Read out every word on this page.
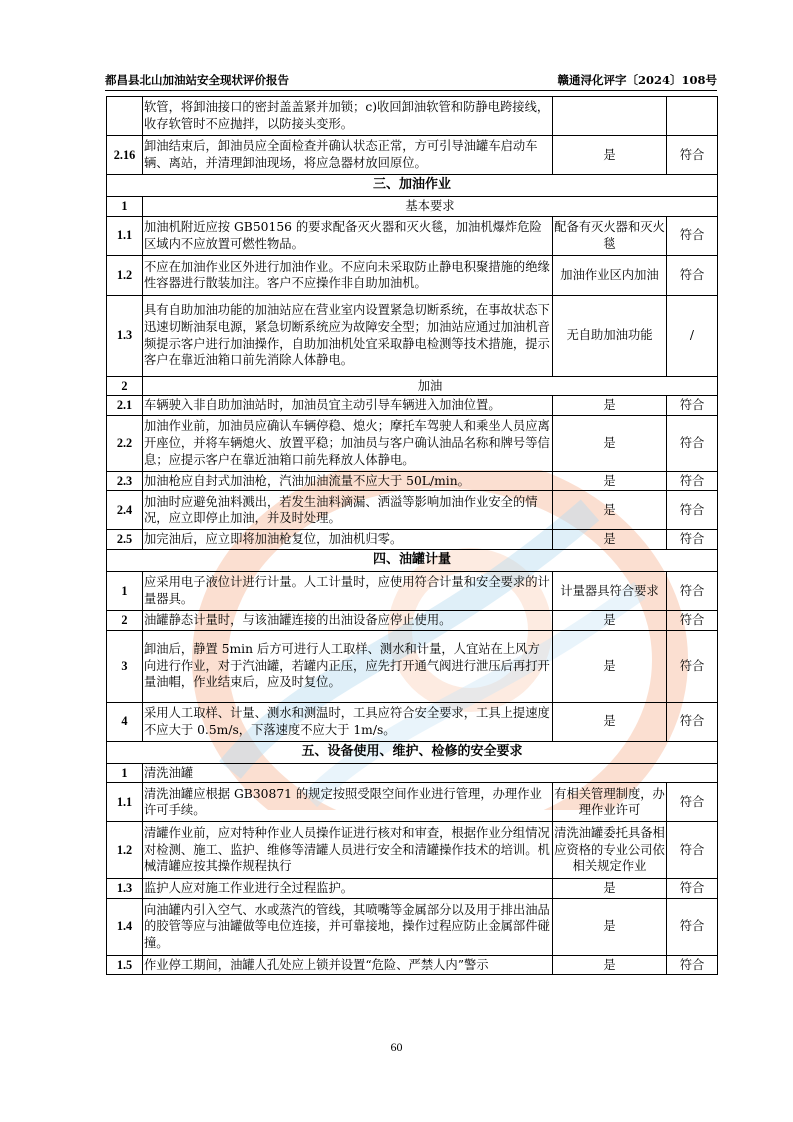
都昌县北山加油站安全现状评价报告	赣通浔化评字〔2024〕108号
	软管，将卸油接口的密封盖盖紧并加锁；c)收回卸油软管和防静电跨接线，收存软管时不应抛拌，以防接头变形。		
2.16	卸油结束后，卸油员应全面检查并确认状态正常，方可引导油罐车启动车辆、离站，并清理卸油现场，将应急器材放回原位。	是	符合
三、加油作业			
1	基本要求		
1.1	加油机附近应按 GB50156 的要求配备灭火器和灭火毯，加油机爆炸危险区域内不应放置可燃性物品。	配备有灭火器和灭火毯	符合
1.2	不应在加油作业区外进行加油作业。不应向未采取防止静电积聚措施的绝缘性容器进行散装加注。客户不应操作非自助加油机。	加油作业区内加油	符合
1.3	具有自助加油功能的加油站应在营业室内设置紧急切断系统，在事故状态下迅速切断油泵电源，紧急切断系统应为故障安全型；加油站应通过加油机音频提示客户进行加油操作，自助加油机处宜采取静电检测等技术措施，提示客户在靠近油箱口前先消除人体静电。	无自助加油功能	/
2	加油		
2.1	车辆驶入非自助加油站时，加油员宜主动引导车辆进入加油位置。	是	符合
2.2	加油作业前，加油员应确认车辆停稳、熄火；摩托车驾驶人和乘坐人员应离开座位，并将车辆熄火、放置平稳；加油员与客户确认油品名称和牌号等信息；应提示客户在靠近油箱口前先释放人体静电。	是	符合
2.3	加油枪应自封式加油枪，汽油加油流量不应大于 50L/min。	是	符合
2.4	加油时应避免油料溅出，若发生油料滴漏、洒溢等影响加油作业安全的情况，应立即停止加油，并及时处理。	是	符合
2.5	加完油后，应立即将加油枪复位，加油机归零。	是	符合
四、油罐计量			
1	应采用电子液位计进行计量。人工计量时，应使用符合计量和安全要求的计量器具。	计量器具符合要求	符合
2	油罐静态计量时，与该油罐连接的出油设备应停止使用。	是	符合
3	卸油后，静置 5min 后方可进行人工取样、测水和计量，人宜站在上风方向进行作业，对于汽油罐，若罐内正压，应先打开通气阀进行泄压后再打开量油帽，作业结束后，应及时复位。	是	符合
4	采用人工取样、计量、测水和测温时，工具应符合安全要求，工具上提速度不应大于 0.5m/s，下落速度不应大于 1m/s。	是	符合
五、设备使用、维护、检修的安全要求			
1	清洗油罐		
1.1	清洗油罐应根据 GB30871 的规定按照受限空间作业进行管理，办理作业许可手续。	有相关管理制度，办理作业许可	符合
1.2	清罐作业前，应对特种作业人员操作证进行核对和审查，根据作业分组情况对检测、施工、监护、维修等清罐人员进行安全和清罐操作技术的培训。机械清罐应按其操作规程执行	清洗油罐委托具备相应资格的专业公司依相关规定作业	符合
1.3	监护人应对施工作业进行全过程监护。	是	符合
1.4	向油罐内引入空气、水或蒸汽的管线，其喷嘴等金属部分以及用于排出油品的胶管等应与油罐做等电位连接，并可靠接地，操作过程应防止金属部件碰撞。	是	符合
1.5	作业停工期间，油罐人孔处应上锁并设置“危险、严禁人内”警示	是	符合
60
